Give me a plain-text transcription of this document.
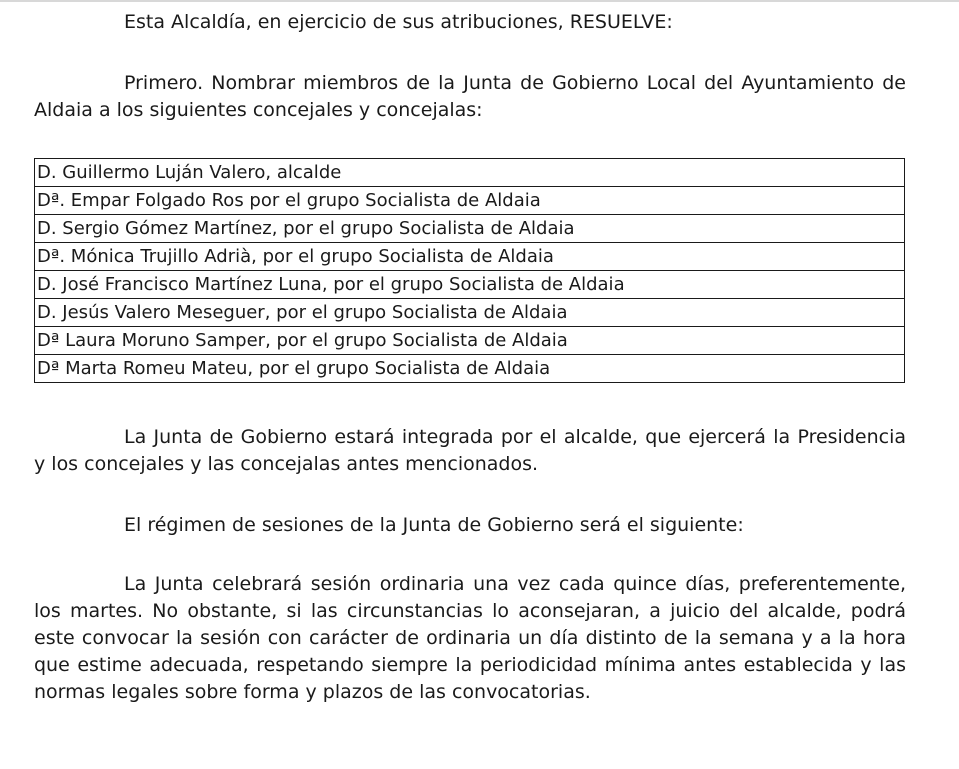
Esta Alcaldía, en ejercicio de sus atribuciones, RESUELVE:

Primero. Nombrar miembros de la Junta de Gobierno Local del Ayuntamiento de Aldaia a los siguientes concejales y concejalas:

D. Guillermo Luján Valero, alcalde
Dª. Empar Folgado Ros por el grupo Socialista de Aldaia
D. Sergio Gómez Martínez, por el grupo Socialista de Aldaia
Dª. Mónica Trujillo Adrià, por el grupo Socialista de Aldaia
D. José Francisco Martínez Luna, por el grupo Socialista de Aldaia
D. Jesús Valero Meseguer, por el grupo Socialista de Aldaia
Dª Laura Moruno Samper, por el grupo Socialista de Aldaia
Dª Marta Romeu Mateu, por el grupo Socialista de Aldaia

La Junta de Gobierno estará integrada por el alcalde, que ejercerá la Presidencia y los concejales y las concejalas antes mencionados.

El régimen de sesiones de la Junta de Gobierno será el siguiente:

La Junta celebrará sesión ordinaria una vez cada quince días, preferentemente, los martes. No obstante, si las circunstancias lo aconsejaran, a juicio del alcalde, podrá este convocar la sesión con carácter de ordinaria un día distinto de la semana y a la hora que estime adecuada, respetando siempre la periodicidad mínima antes establecida y las normas legales sobre forma y plazos de las convocatorias.
